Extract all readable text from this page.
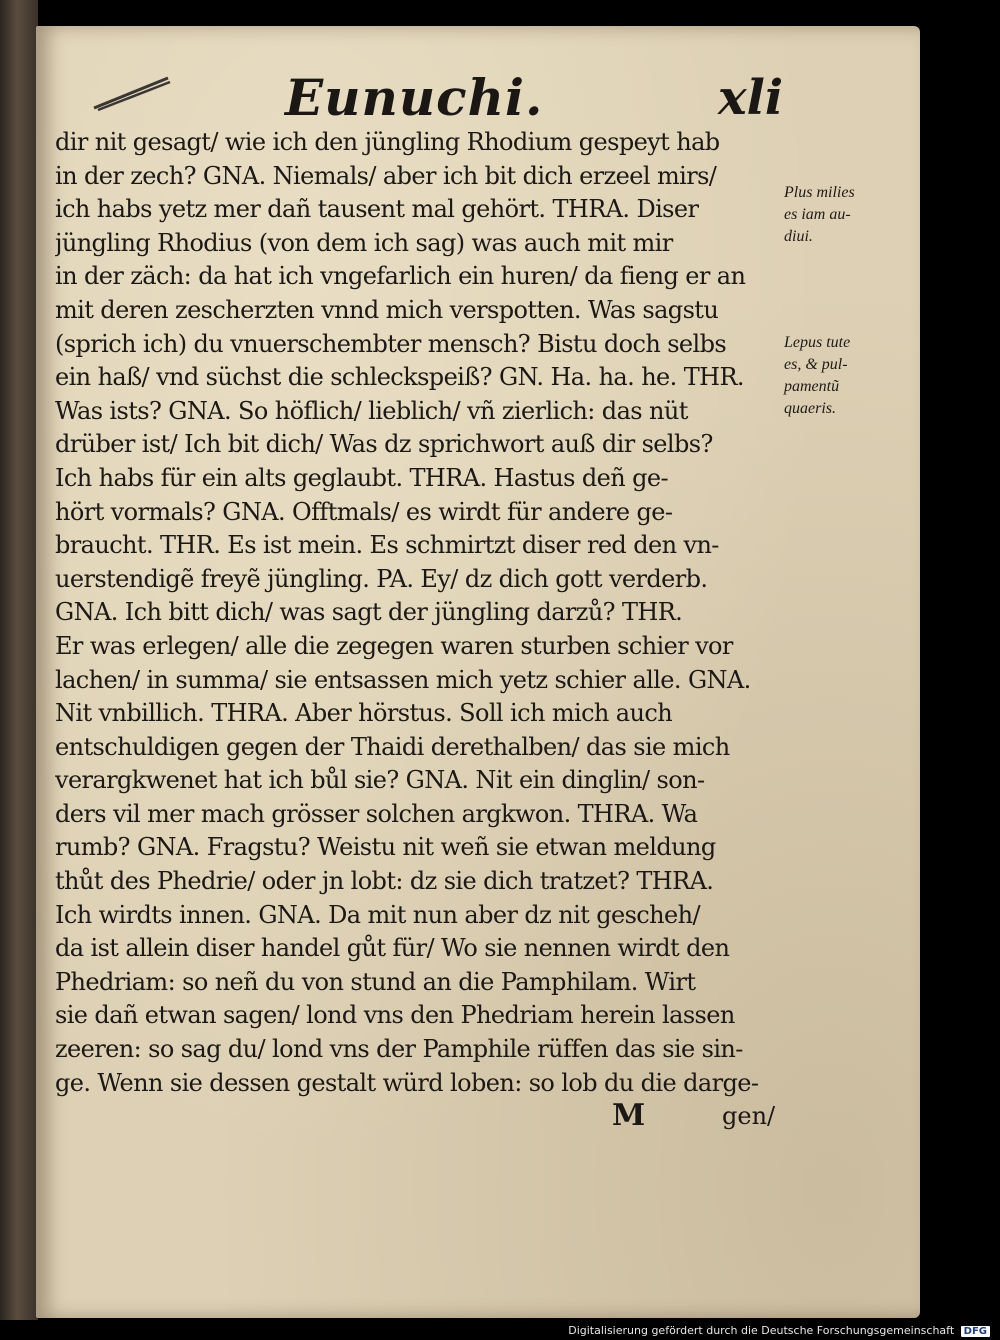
Eunuchi.	xli
dir nit gesagt/ wie ich den jüngling Rhodium gespeyt hab
in der zech? GNA. Niemals/ aber ich bit dich erzeel mirs/
ich habs yetz mer dañ tausent mal gehört. THRA. Diser
jüngling Rhodius (von dem ich sag) was auch mit mir
in der zäch: da hat ich vngefarlich ein huren/ da fieng er an
mit deren zescherzten vnnd mich verspotten. Was sagstu
(sprich ich) du vnuerschembter mensch? Bistu doch selbs
ein haß/ vnd süchst die schleckspeiß? GN. Ha. ha. he. THR.
Was ists? GNA. So höflich/ lieblich/ vñ zierlich: das nüt
drüber ist/ Ich bit dich/ Was dz sprichwort auß dir selbs?
Ich habs für ein alts geglaubt. THRA. Hastus deñ ge-
hört vormals? GNA. Offtmals/ es wirdt für andere ge-
braucht. THR. Es ist mein. Es schmirtzt diser red den vn-
uerstendigẽ freyẽ jüngling. PA. Ey/ dz dich gott verderb.
GNA. Ich bitt dich/ was sagt der jüngling darzů? THR.
Er was erlegen/ alle die zegegen waren sturben schier vor
lachen/ in summa/ sie entsassen mich yetz schier alle. GNA.
Nit vnbillich. THRA. Aber hörstus. Soll ich mich auch
entschuldigen gegen der Thaidi derethalben/ das sie mich
verargkwenet hat ich bůl sie? GNA. Nit ein dinglin/ son-
ders vil mer mach grösser solchen argkwon. THRA. Wa
rumb? GNA. Fragstu? Weistu nit weñ sie etwan meldung
thůt des Phedrie/ oder jn lobt: dz sie dich tratzet? THRA.
Ich wirdts innen. GNA. Da mit nun aber dz nit gescheh/
da ist allein diser handel gůt für/ Wo sie nennen wirdt den
Phedriam: so neñ du von stund an die Pamphilam. Wirt
sie dañ etwan sagen/ lond vns den Phedriam herein lassen
zeeren: so sag du/ lond vns der Pamphile rüffen das sie sin-
ge. Wenn sie dessen gestalt würd loben: so lob du die darge-
Plus milies
es iam au-
diui.
Lepus tute
es, & pul-
pamentũ
quaeris.
M	gen/
Digitalisierung gefördert durch die Deutsche Forschungsgemeinschaft DFG
